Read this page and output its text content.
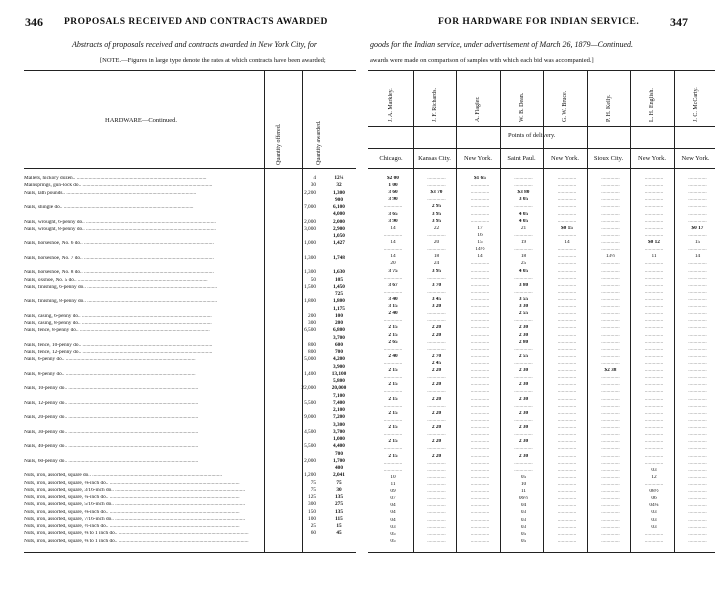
346 PROPOSALS RECEIVED AND CONTRACTS AWARDED
Abstracts of proposals received and contracts awarded in New York City, for
[NOTE.—Figures in large type denote the rates at which contracts have been awarded;
HARDWARE—Continued.
Quantity offered.	Quantity awarded.
Mallets, hickory dozen.. .....	4	12¼
Mainsprings, gun-lock do.. .....	30	32
Nails, lath pounds.. .....	2,200	1,300
900
Nails, shingle do.. .....	7,000	6,100
4,000
Nails, wrought, 6-penny do.. .....	2,000	2,000
Nails, wrought, 8-penny do.. .....	3,000	2,900
1,050
Nails, horseshoe, No. 6 do.. .....	1,000	1,427
Nails, horseshoe, No. 7 do.. .....	1,300	1,748
Nails, horseshoe, No. 8 do.. .....	1,300	1,630
Nails, oxshoe, No. 5 do.. .....	50	105
Nails, finishing, 6-penny do.. .....	1,500	1,450
725
Nails, finishing, 8-penny do.. .....	1,800	1,800
1,175
Nails, casing, 6-penny do.. .....	200	100
Nails, casing, 8-penny do.. .....	300	200
Nails, fence, 8-penny do.. .....	6,500	6,800
3,700
Nails, fence, 10-penny do.. .....	800	600
Nails, fence, 12-penny do.. .....	800	700
Nails, 6-penny do.. .....	5,000	4,200
3,900
Nails, 8-penny do.. .....	1,400	13,100
5,800
Nails, 10-penny do.. .....	22,000	20,000
7,100
Nails, 12-penny do.. .....	5,500	7,400
2,100
Nails, 20-penny do.. .....	9,000	7,200
3,300
Nails, 30-penny do.. .....	4,500	3,700
1,000
Nails, 40-penny do.. .....	5,500	4,400
700
Nails, 60-penny do.. .....	2,000	1,700
400
Nuts, iron, assorted, square do.. .....	1,200	2,041
Nuts, iron, assorted, square, ⅛-inch do.. .....	75	75
Nuts, iron, assorted, square, 3/16-inch do.. .....	75	30
Nuts, iron, assorted, square, ¼-inch do.. .....	125	135
Nuts, iron, assorted, square, 5/16-inch do.. .....	300	275
Nuts, iron, assorted, square, ⅜-inch do.. .....	150	135
Nuts, iron, assorted, square, 7/16-inch do.. .....	100	115
Nuts, iron, assorted, square, ½-inch do.. .....	25	15
Nuts, iron, assorted, square, ⅝ to 1 inch do.. .....	60	45
Nuts, iron, assorted, square, ⅝ to 1 inch do.. .....
FOR HARDWARE FOR INDIAN SERVICE.	347
goods for the Indian service, under advertisement of March 26, 1879—Continued.
awards were made on comparison of samples with which each bid was accompanied.]
J. A. Markley.	J. F. Richards.	A. Flagler.	W. B. Dean.	G. W. Bruce.	P. H. Kelly.	L. H. English.	J. C. McCarty.
Points of delivery.
Chicago.	Kansas City.	New York.	Saint Paul.	New York.	Sioux City.	New York.	New York.
$2 00	..............	$1 65	..............	..............	..............	..............	..............
1 00	..............	..............	..............	..............	..............	..............	..............
3 60	$3 70	..............	$3 80	..............	..............	..............	..............
3 90	..............	..............	3 05	..............	..............	..............	..............
..............	2 95	..............	..............	..............	..............	..............	..............
3 65	3 95	..............	4 05	..............	..............	..............	..............
3 90	3 95	..............	4 05	..............	..............	..............	..............
14	22	17	21	$0 15	..............	..............	$0 17
..............	..............	16	..............	..............	..............	..............	..............
14	20	15	19	14	..............	$0 12	15
..............	..............	14½	..............	..............	..............	..............	..............
14	18	14	18	..............	13½	11	14
20	24	..............	25	..............	..............	..............	..............
3 75	3 95	..............	4 05	..............	..............	..............	..............
..............	..............	..............	..............	..............	..............	..............	..............
3 67	3 70	..............	3 80	..............	..............	..............	..............
..............	..............	..............	..............	..............	..............	..............	..............
3 40	3 45	..............	3 55	..............	..............	..............	..............
3 15	3 20	..............	3 30	..............	..............	..............	..............
2 40	..............	..............	2 55	..............	..............	..............	..............
..............	..............	..............	..............	..............	..............	..............	..............
2 15	2 20	..............	2 30	..............	..............	..............	..............
2 15	2 20	..............	2 30	..............	..............	..............	..............
2 65	..............	..............	2 80	..............	..............	..............	..............
..............	..............	..............	..............	..............	..............	..............	..............
2 40	2 70	..............	2 55	..............	..............	..............	..............
..............	2 45	..............	..............	..............	..............	..............	..............
2 15	2 20	..............	2 30	..............	$2 38	..............	..............
..............	..............	..............	..............	..............	..............	..............	..............
2 15	2 20	..............	2 30	..............	..............	..............	..............
..............	..............	..............	..............	..............	..............	..............	..............
2 15	2 20	..............	2 30	..............	..............	..............	..............
..............	..............	..............	..............	..............	..............	..............	..............
2 15	2 20	..............	2 30	..............	..............	..............	..............
..............	..............	..............	..............	..............	..............	..............	..............
2 15	2 20	..............	2 30	..............	..............	..............	..............
..............	..............	..............	..............	..............	..............	..............	..............
2 15	2 20	..............	2 30	..............	..............	..............	..............
..............	..............	..............	..............	..............	..............	..............	..............
2 15	2 20	..............	2 30	..............	..............	..............	..............
..............	..............	..............	..............	..............	..............	..............	..............
..............	..............	..............	..............	..............	..............	03	..............
10	..............	..............	05	..............	..............	12	..............
11	..............	..............	10	..............	..............	..............	..............
09	..............	..............	11	..............	..............	08½	..............
07	..............	..............	06½	..............	..............	06	..............
04	..............	..............	04	..............	..............	04¼	..............
04	..............	..............	03	..............	..............	03	..............
04	..............	..............	03	..............	..............	03	..............
03	..............	..............	03	..............	..............	03	..............
05	..............	..............	05	..............	..............	..............	..............
05	..............	..............	05	..............	..............	..............	..............
